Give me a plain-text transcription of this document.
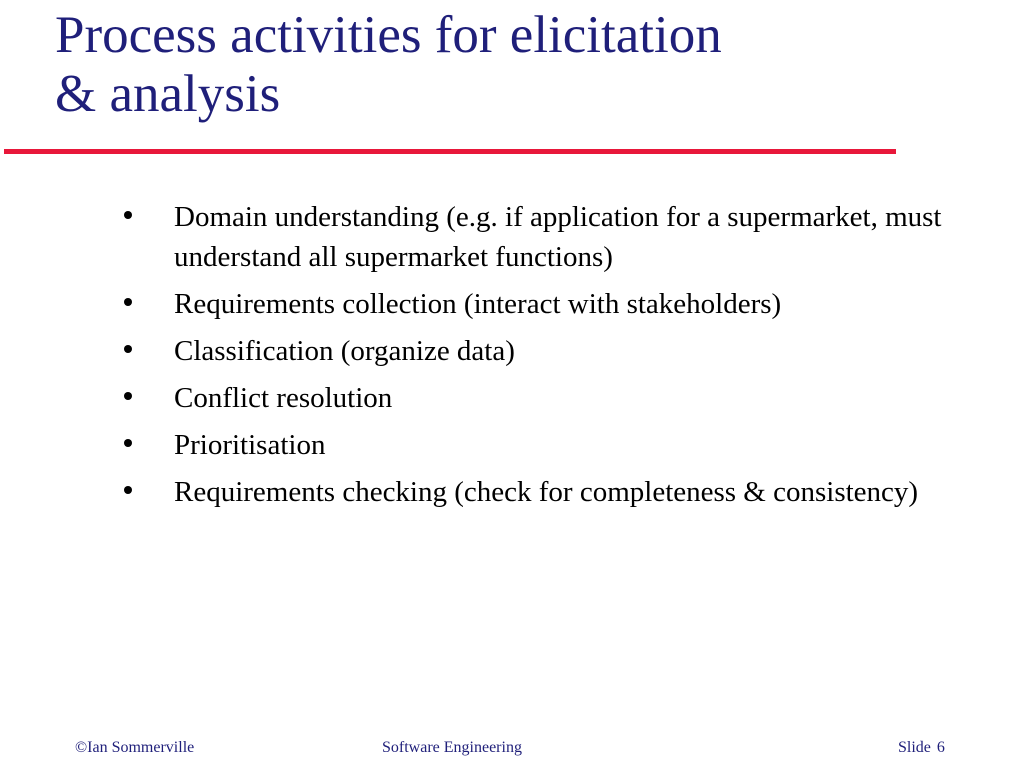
Process activities for elicitation
& analysis
Domain understanding (e.g. if application for a supermarket, must understand all supermarket functions)
Requirements collection (interact with stakeholders)
Classification (organize data)
Conflict resolution
Prioritisation
Requirements checking (check for completeness & consistency)
©Ian Sommerville	Software Engineering	Slide 6
